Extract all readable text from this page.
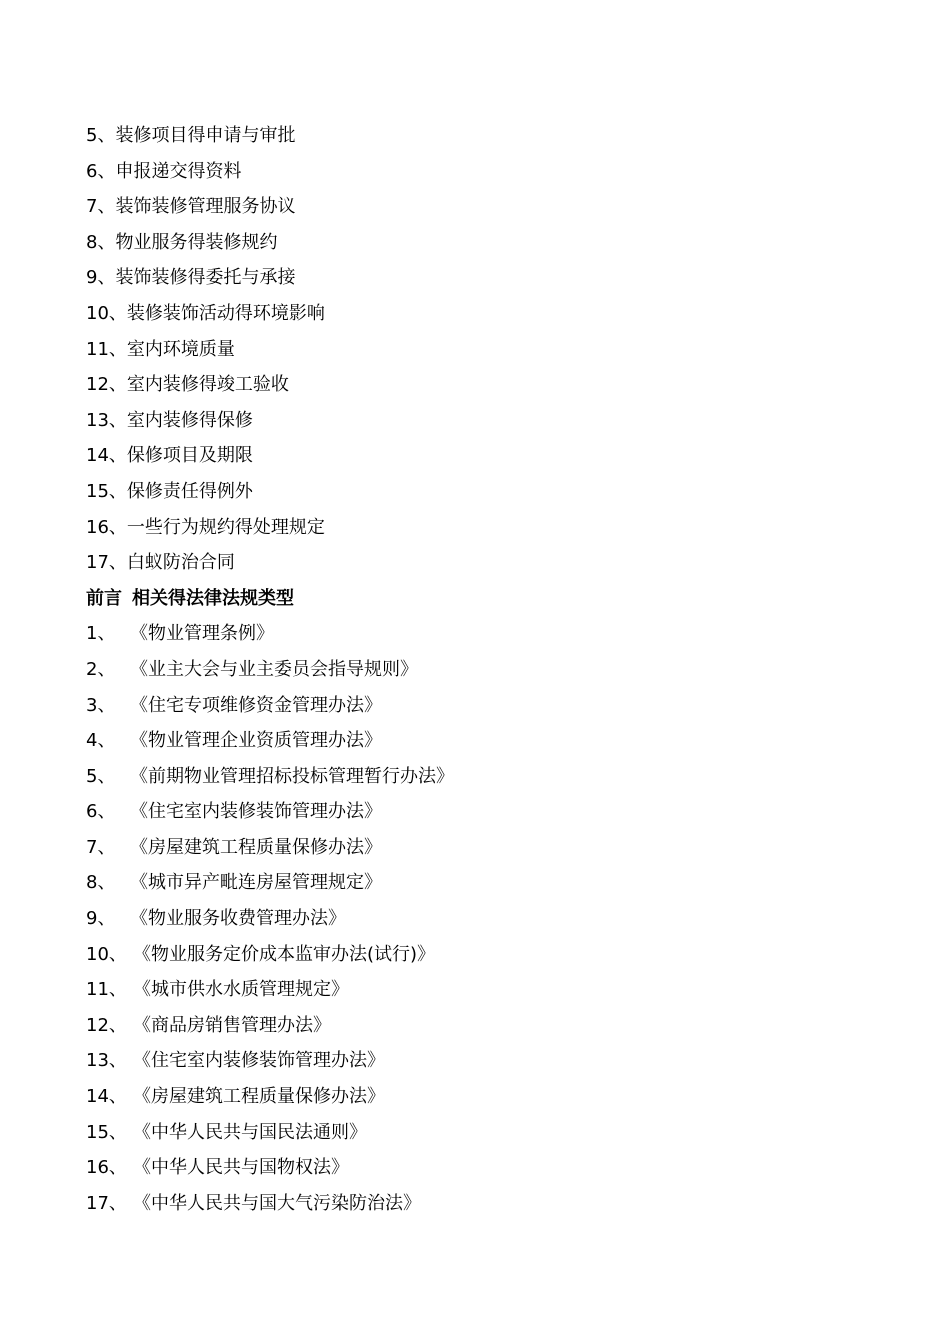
5、装修项目得申请与审批
6、申报递交得资料
7、装饰装修管理服务协议
8、物业服务得装修规约
9、装饰装修得委托与承接
10、装修装饰活动得环境影响
11、室内环境质量
12、室内装修得竣工验收
13、室内装修得保修
14、保修项目及期限
15、保修责任得例外
16、一些行为规约得处理规定
17、白蚁防治合同
前言 相关得法律法规类型
1、 《物业管理条例》
2、 《业主大会与业主委员会指导规则》
3、 《住宅专项维修资金管理办法》
4、 《物业管理企业资质管理办法》
5、 《前期物业管理招标投标管理暂行办法》
6、 《住宅室内装修装饰管理办法》
7、 《房屋建筑工程质量保修办法》
8、 《城市异产毗连房屋管理规定》
9、 《物业服务收费管理办法》
10、 《物业服务定价成本监审办法(试行)》
11、 《城市供水水质管理规定》
12、 《商品房销售管理办法》
13、 《住宅室内装修装饰管理办法》
14、 《房屋建筑工程质量保修办法》
15、 《中华人民共与国民法通则》
16、 《中华人民共与国物权法》
17、 《中华人民共与国大气污染防治法》
